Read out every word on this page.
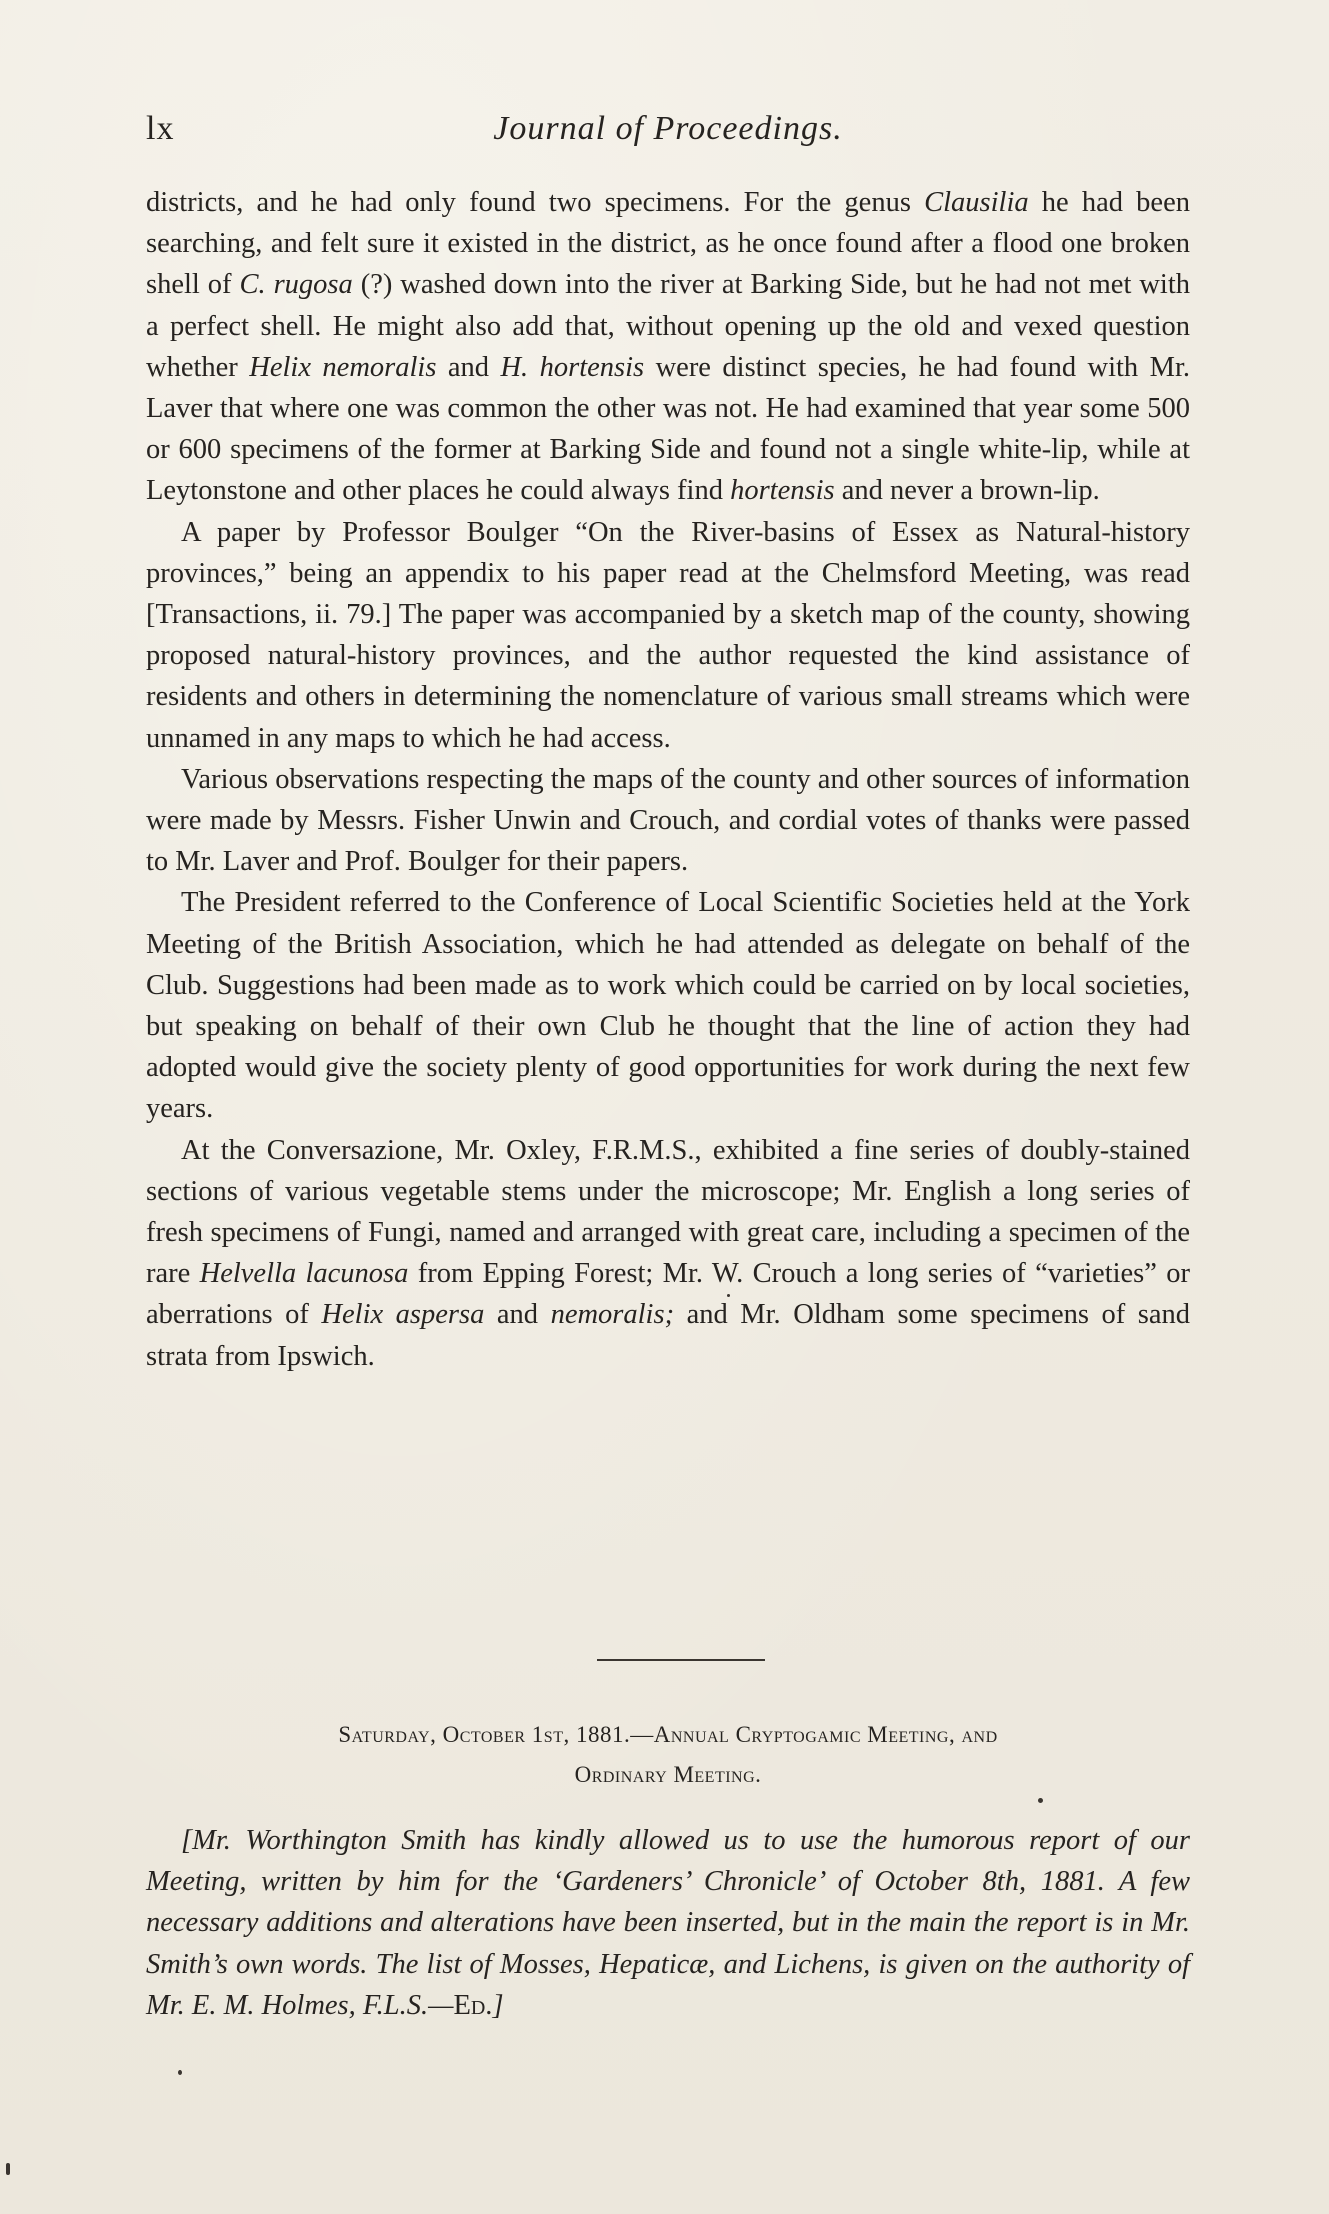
lx	Journal of Proceedings.

districts, and he had only found two specimens. For the genus Clausilia he had been searching, and felt sure it existed in the district, as he once found after a flood one broken shell of C. rugosa (?) washed down into the river at Barking Side, but he had not met with a perfect shell. He might also add that, without opening up the old and vexed question whether Helix nemoralis and H. hortensis were distinct species, he had found with Mr. Laver that where one was common the other was not. He had examined that year some 500 or 600 specimens of the former at Barking Side and found not a single white-lip, while at Leytonstone and other places he could always find hortensis and never a brown-lip.

A paper by Professor Boulger “On the River-basins of Essex as Natural-history provinces,” being an appendix to his paper read at the Chelmsford Meeting, was read [Transactions, ii. 79.] The paper was accompanied by a sketch map of the county, showing proposed natural-history provinces, and the author requested the kind assistance of residents and others in determining the nomenclature of various small streams which were unnamed in any maps to which he had access.

Various observations respecting the maps of the county and other sources of information were made by Messrs. Fisher Unwin and Crouch, and cordial votes of thanks were passed to Mr. Laver and Prof. Boulger for their papers.

The President referred to the Conference of Local Scientific Societies held at the York Meeting of the British Association, which he had attended as delegate on behalf of the Club. Suggestions had been made as to work which could be carried on by local societies, but speaking on behalf of their own Club he thought that the line of action they had adopted would give the society plenty of good opportunities for work during the next few years.

At the Conversazione, Mr. Oxley, F.R.M.S., exhibited a fine series of doubly-stained sections of various vegetable stems under the microscope; Mr. English a long series of fresh specimens of Fungi, named and arranged with great care, including a specimen of the rare Helvella lacunosa from Epping Forest; Mr. W. Crouch a long series of “varieties” or aberrations of Helix aspersa and nemoralis; and Mr. Oldham some specimens of sand strata from Ipswich.

Saturday, October 1st, 1881.—Annual Cryptogamic Meeting, and
Ordinary Meeting.

[Mr. Worthington Smith has kindly allowed us to use the humorous report of our Meeting, written by him for the ‘Gardeners’ Chronicle’ of October 8th, 1881. A few necessary additions and alterations have been inserted, but in the main the report is in Mr. Smith’s own words. The list of Mosses, Hepaticæ, and Lichens, is given on the authority of Mr. E. M. Holmes, F.L.S.—Ed.]
